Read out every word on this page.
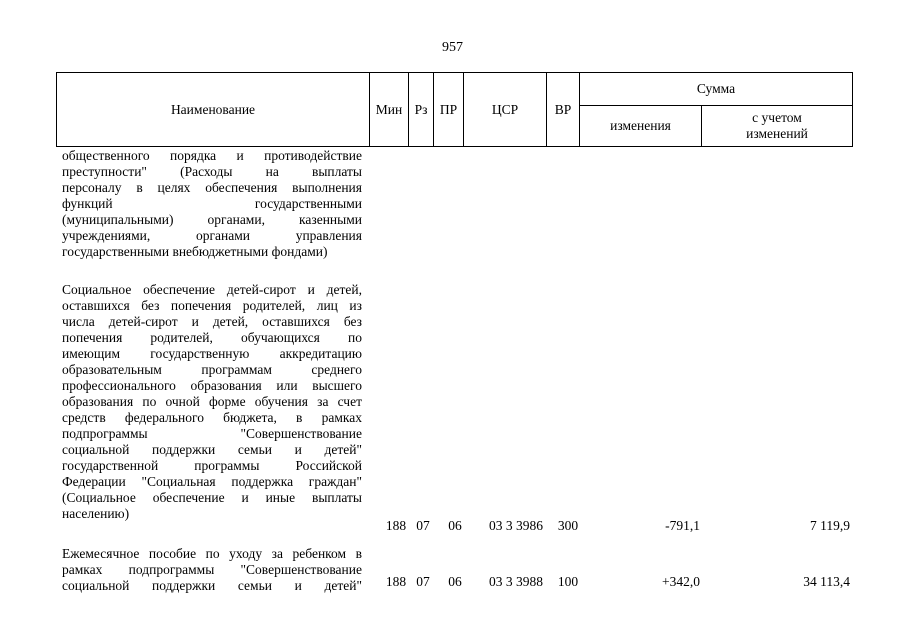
957
Наименование	Мин	Рз	ПР	ЦСР	ВР	Сумма	
						изменения	с учетом
изменений
общественного порядка и противодействие
преступности" (Расходы на выплаты
персоналу в целях обеспечения выполнения
функций государственными
(муниципальными) органами, казенными
учреждениями, органами управления
государственными внебюджетными фондами)
Социальное обеспечение детей-сирот и детей,
оставшихся без попечения родителей, лиц из
числа детей-сирот и детей, оставшихся без
попечения родителей, обучающихся по
имеющим государственную аккредитацию
образовательным программам среднего
профессионального образования или высшего
образования по очной форме обучения за счет
средств федерального бюджета, в рамках
подпрограммы "Совершенствование
социальной поддержки семьи и детей"
государственной программы Российской
Федерации "Социальная поддержка граждан"
(Социальное обеспечение и иные выплаты
населению)
188 07	06	03 3 3986	300	-791,1	7 119,9
Ежемесячное пособие по уходу за ребенком в
рамках подпрограммы "Совершенствование
социальной поддержки семьи и детей" 188 07	06	03 3 3988	100	+342,0	34 113,4
